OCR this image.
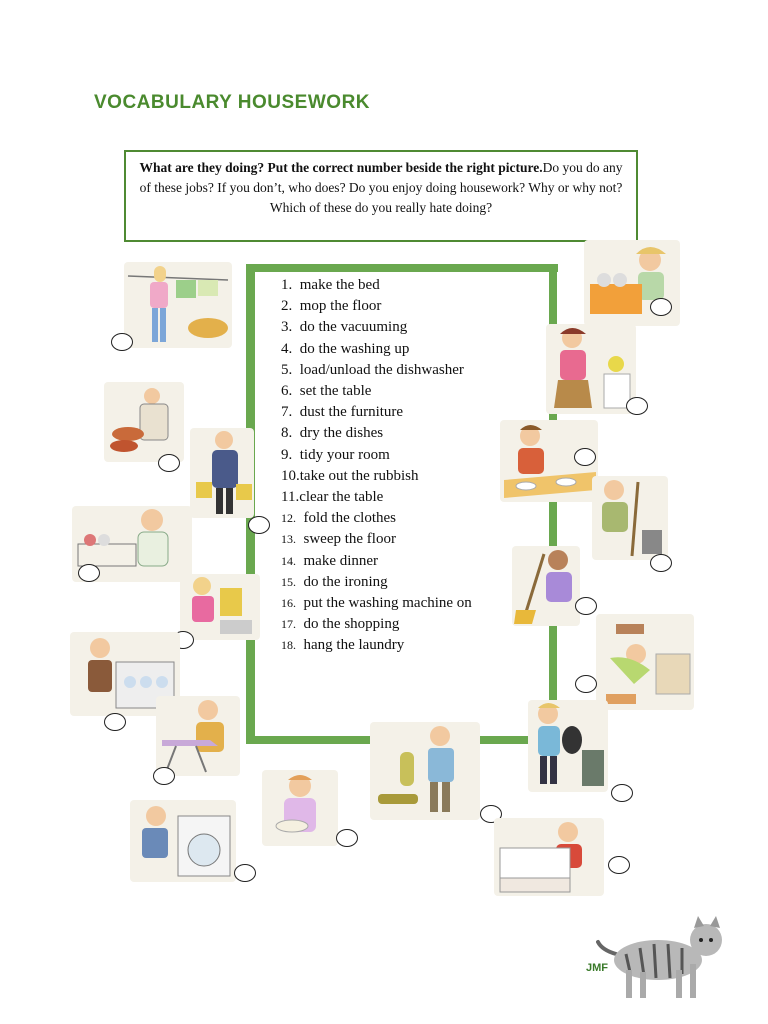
VOCABULARY HOUSEWORK
What are they doing? Put the correct number beside the right picture.Do you do any of these jobs? If you don’t, who does? Do you enjoy doing housework? Why or why not? Which of these do you really hate doing?
1. make the bed
2. mop the floor
3. do the vacuuming
4. do the washing up
5. load/unload the dishwasher
6. set the table
7. dust the furniture
8. dry the dishes
9. tidy your room
10.take out the rubbish
11.clear the table
12. fold the clothes
13. sweep the floor
14. make dinner
15. do the ironing
16. put the washing machine on
17. do the shopping
18. hang the laundry
JMF
